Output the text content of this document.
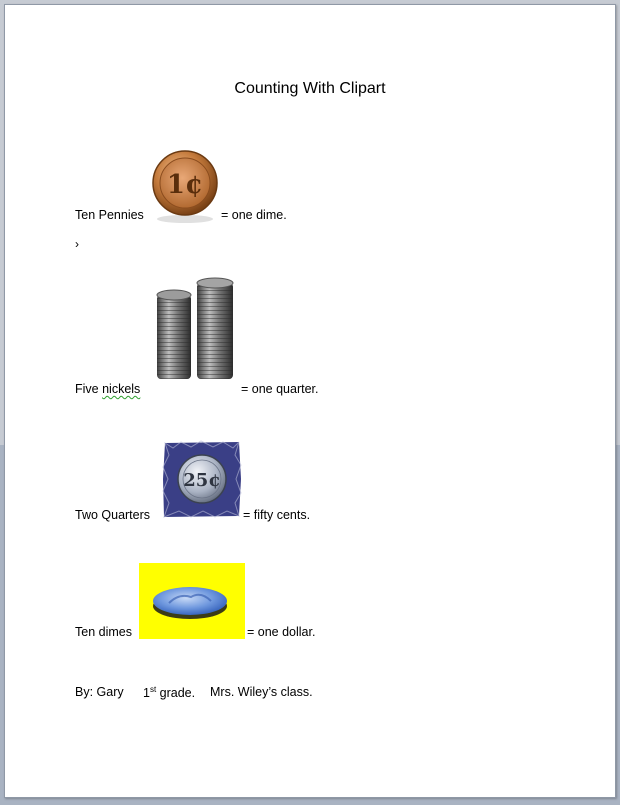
Counting With Clipart
Ten Pennies
1¢
= one dime.
›
Five nickels	= one quarter.
Two Quarters
25¢
= fifty cents.
Ten dimes	= one dollar.
By: Gary 1st grade. Mrs. Wiley’s class.
